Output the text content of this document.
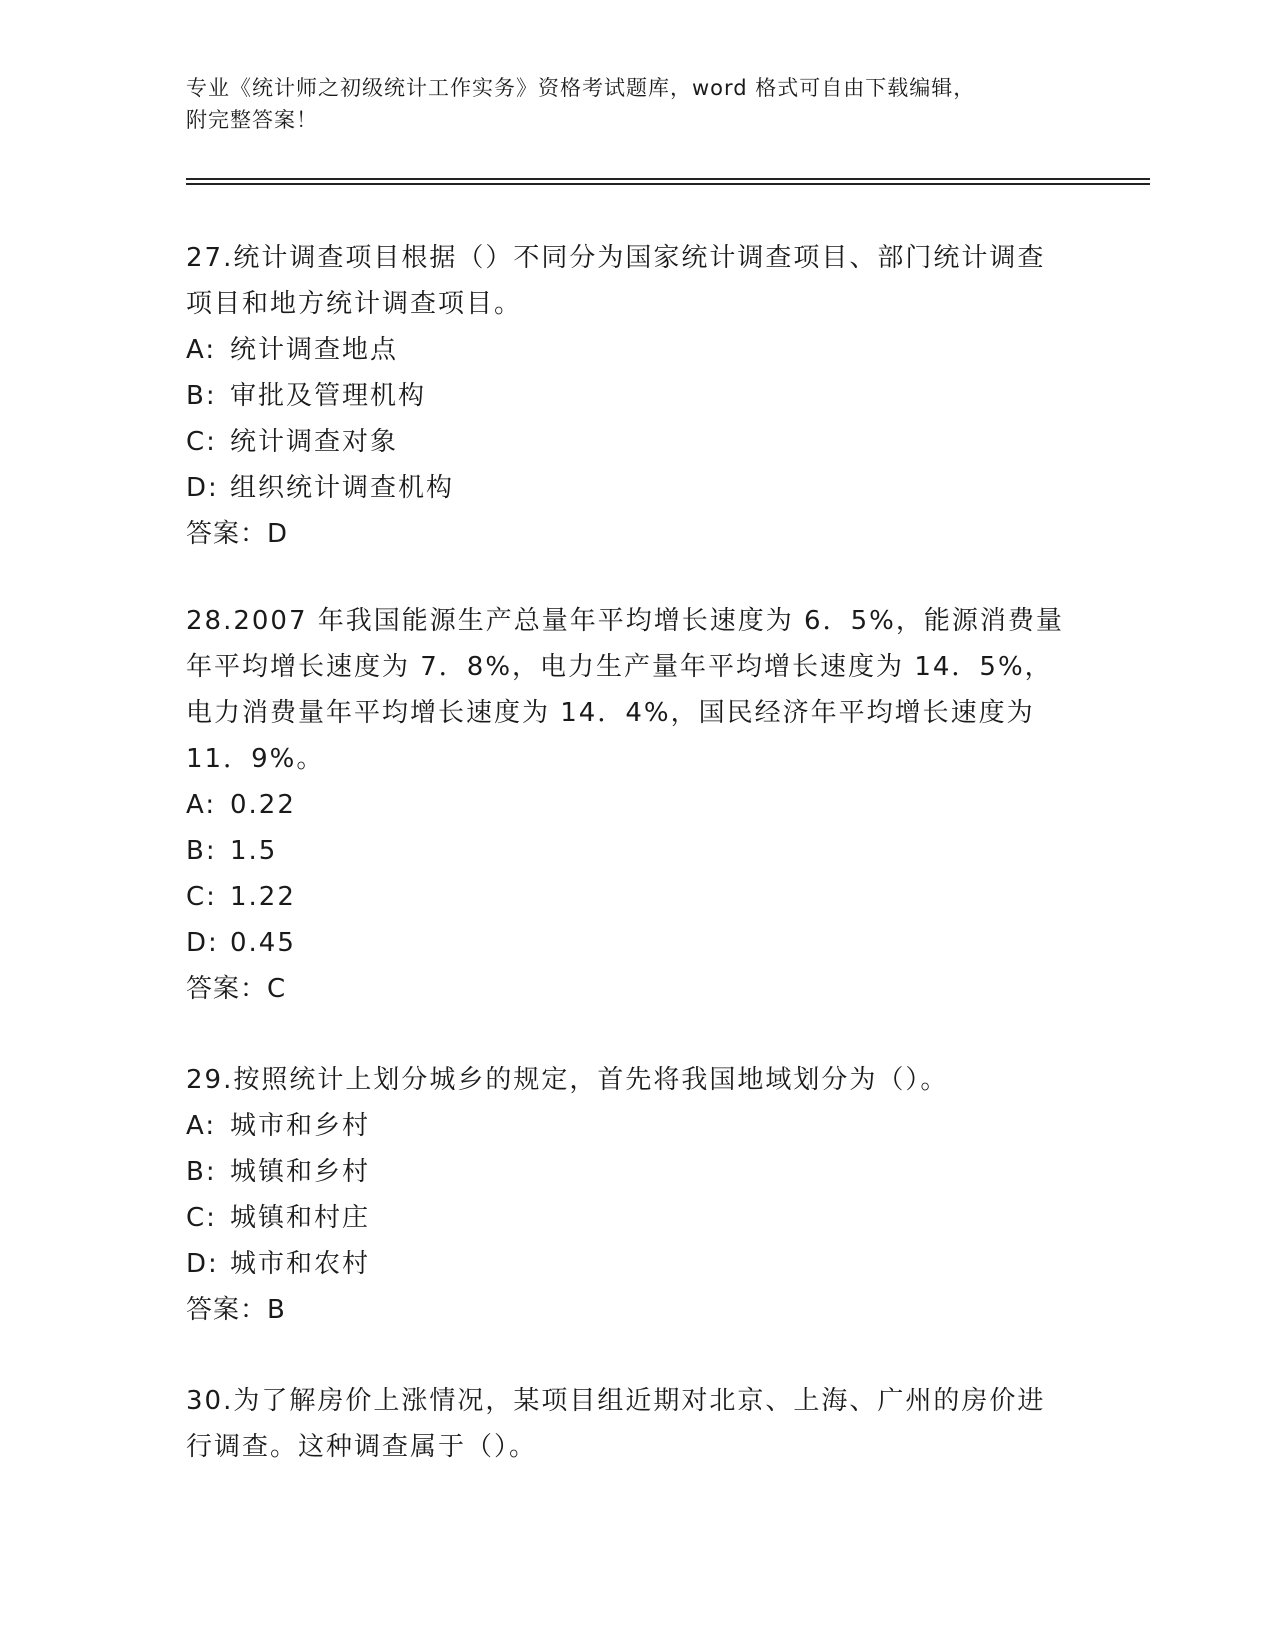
专业《统计师之初级统计工作实务》资格考试题库，word 格式可自由下载编辑，
附完整答案！
27.统计调查项目根据（）不同分为国家统计调查项目、部门统计调查
项目和地方统计调查项目。
A: 统计调查地点
B: 审批及管理机构
C: 统计调查对象
D: 组织统计调查机构
答案：D
28.2007 年我国能源生产总量年平均增长速度为 6．5%，能源消费量
年平均增长速度为 7．8%，电力生产量年平均增长速度为 14．5%，
电力消费量年平均增长速度为 14．4%，国民经济年平均增长速度为
11．9%。
A: 0.22
B: 1.5
C: 1.22
D: 0.45
答案：C
29.按照统计上划分城乡的规定，首先将我国地域划分为（）。
A: 城市和乡村
B: 城镇和乡村
C: 城镇和村庄
D: 城市和农村
答案：B
30.为了解房价上涨情况，某项目组近期对北京、上海、广州的房价进
行调查。这种调查属于（）。
